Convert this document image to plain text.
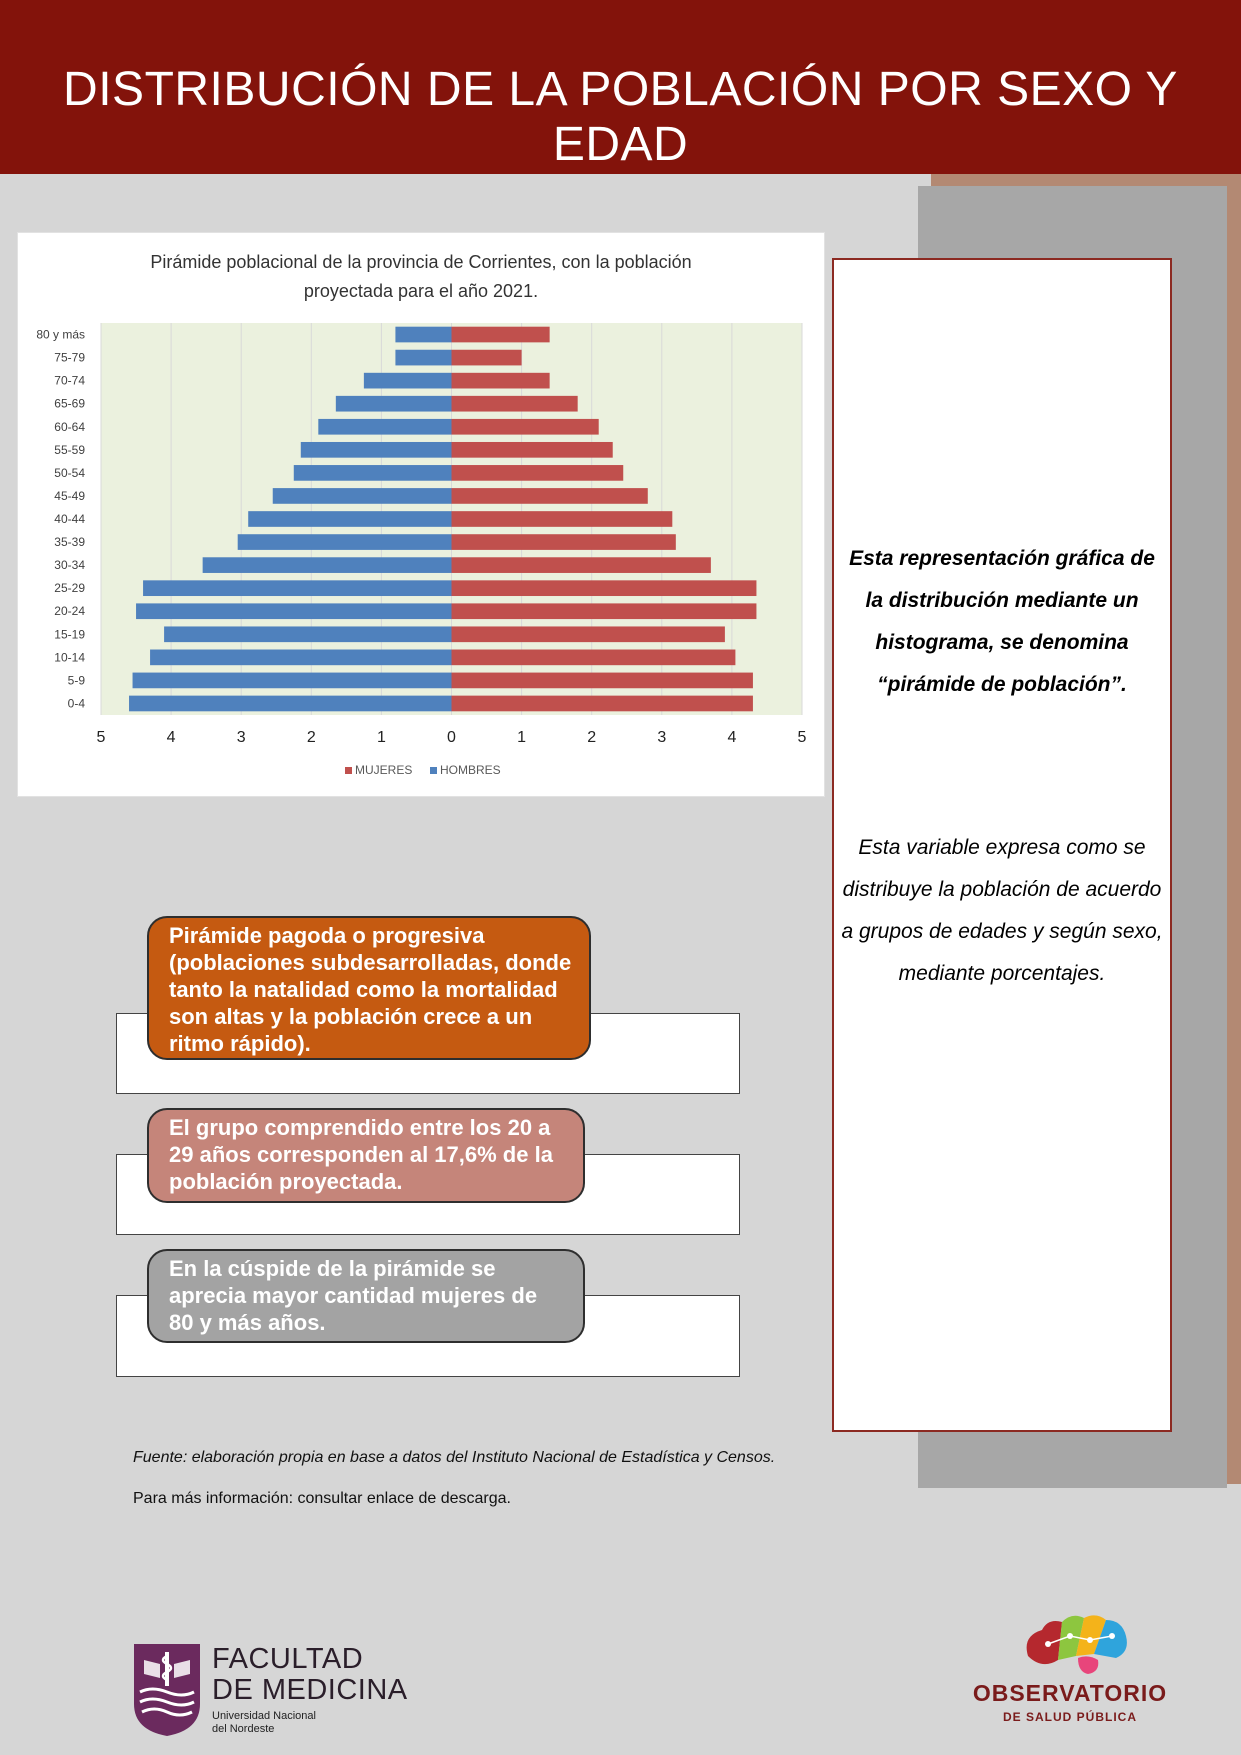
DISTRIBUCIÓN DE LA POBLACIÓN POR SEXO Y EDAD
Esta representación gráfica de
la distribución mediante un
histograma, se denomina
“pirámide de población”.
Esta variable expresa como se
distribuye la población de acuerdo
a grupos de edades y según sexo,
mediante porcentajes.
Pirámide poblacional de la provincia de Corrientes, con la población
proyectada para el año 2021.
80 y más
75-79
70-74
65-69
60-64
55-59
50-54
45-49
40-44
35-39
30-34
25-29
20-24
15-19
10-14
5-9
0-4
5	4	3	2	1	0	1	2	3	4	5
MUJERES HOMBRES
Pirámide pagoda o progresiva
(poblaciones subdesarrolladas, donde
tanto la natalidad como la mortalidad
son altas y la población crece a un
ritmo rápido).
El grupo comprendido entre los 20 a
29 años corresponden al 17,6% de la
población proyectada.
En la cúspide de la pirámide se
aprecia mayor cantidad mujeres de
80 y más años.
Fuente: elaboración propia en base a datos del Instituto Nacional de Estadística y Censos.
Para más información: consultar enlace de descarga.
FACULTAD
DE MEDICINA
Universidad Nacional
del Nordeste
OBSERVATORIO
DE SALUD PÚBLICA
